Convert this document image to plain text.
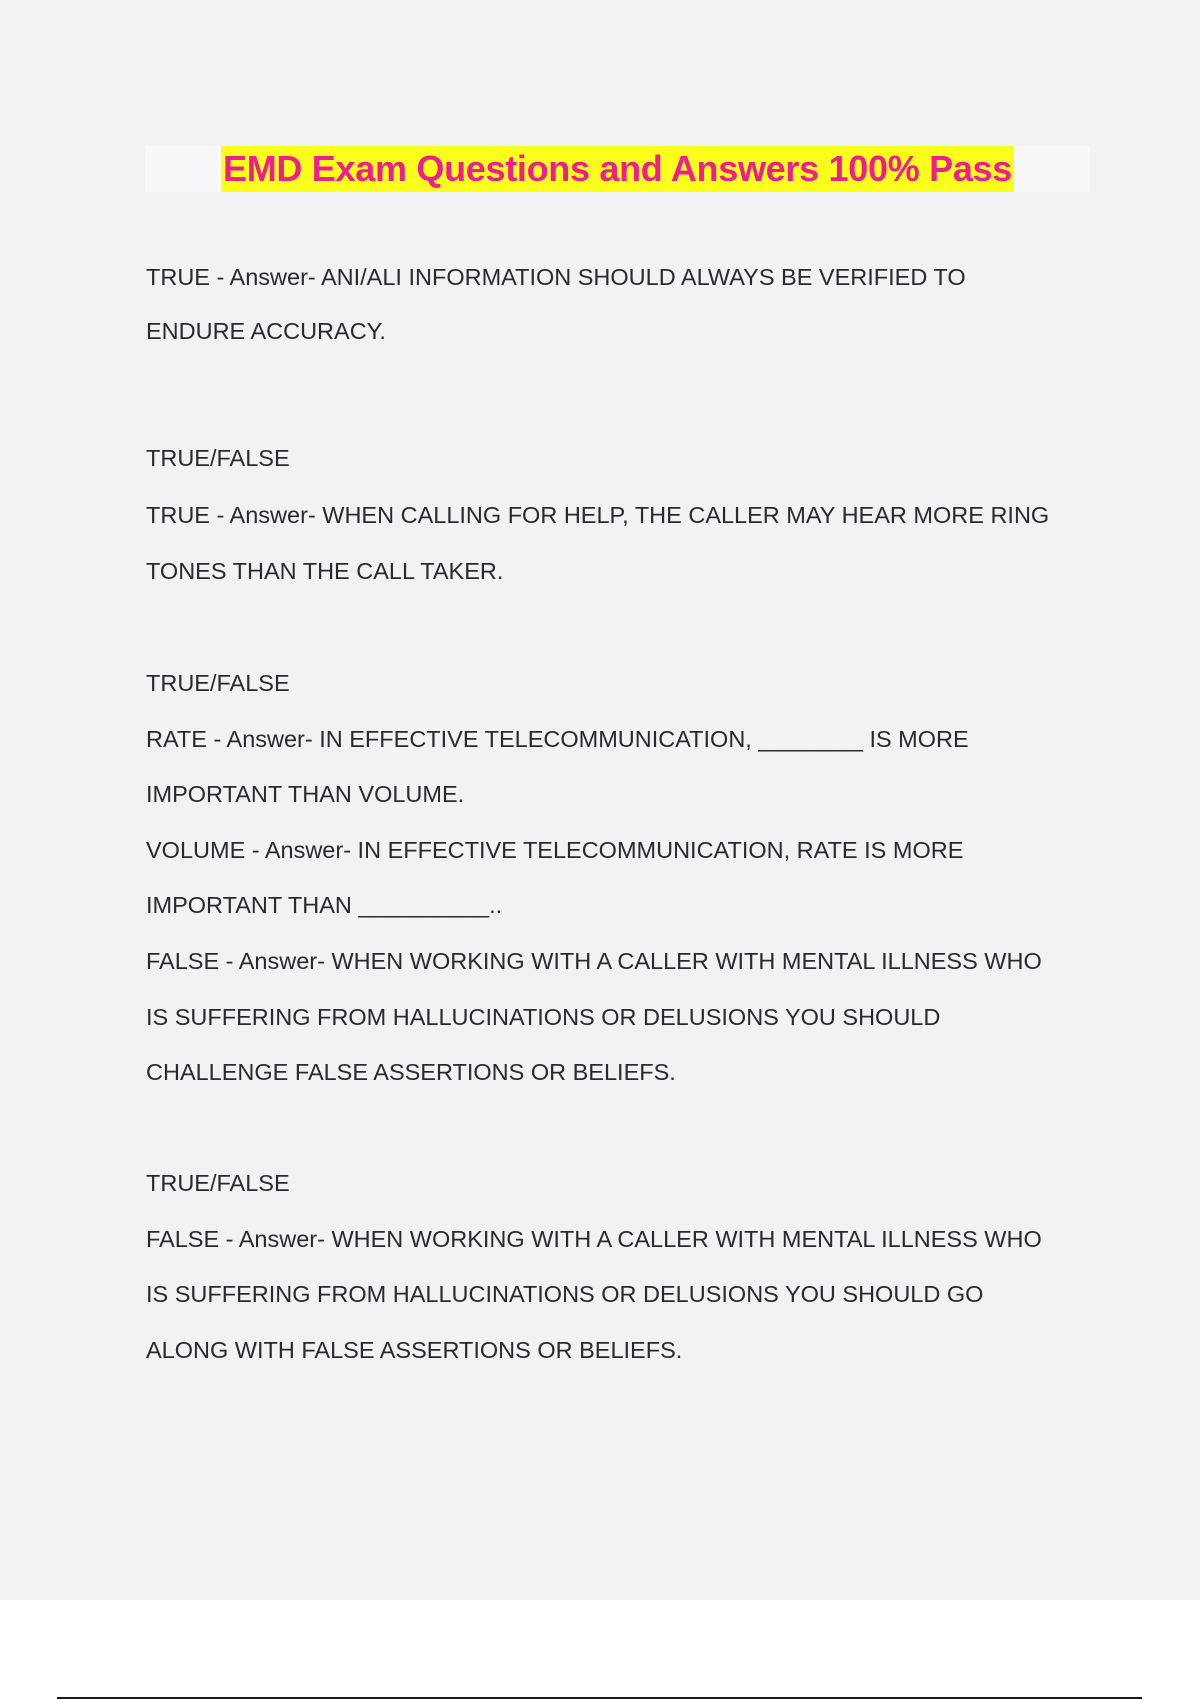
EMD Exam Questions and Answers 100% Pass
TRUE - Answer- ANI/ALI INFORMATION SHOULD ALWAYS BE VERIFIED TO
ENDURE ACCURACY.
TRUE/FALSE
TRUE - Answer- WHEN CALLING FOR HELP, THE CALLER MAY HEAR MORE RING
TONES THAN THE CALL TAKER.
TRUE/FALSE
RATE - Answer- IN EFFECTIVE TELECOMMUNICATION, ________ IS MORE
IMPORTANT THAN VOLUME.
VOLUME - Answer- IN EFFECTIVE TELECOMMUNICATION, RATE IS MORE
IMPORTANT THAN __________..
FALSE - Answer- WHEN WORKING WITH A CALLER WITH MENTAL ILLNESS WHO
IS SUFFERING FROM HALLUCINATIONS OR DELUSIONS YOU SHOULD
CHALLENGE FALSE ASSERTIONS OR BELIEFS.
TRUE/FALSE
FALSE - Answer- WHEN WORKING WITH A CALLER WITH MENTAL ILLNESS WHO
IS SUFFERING FROM HALLUCINATIONS OR DELUSIONS YOU SHOULD GO
ALONG WITH FALSE ASSERTIONS OR BELIEFS.
